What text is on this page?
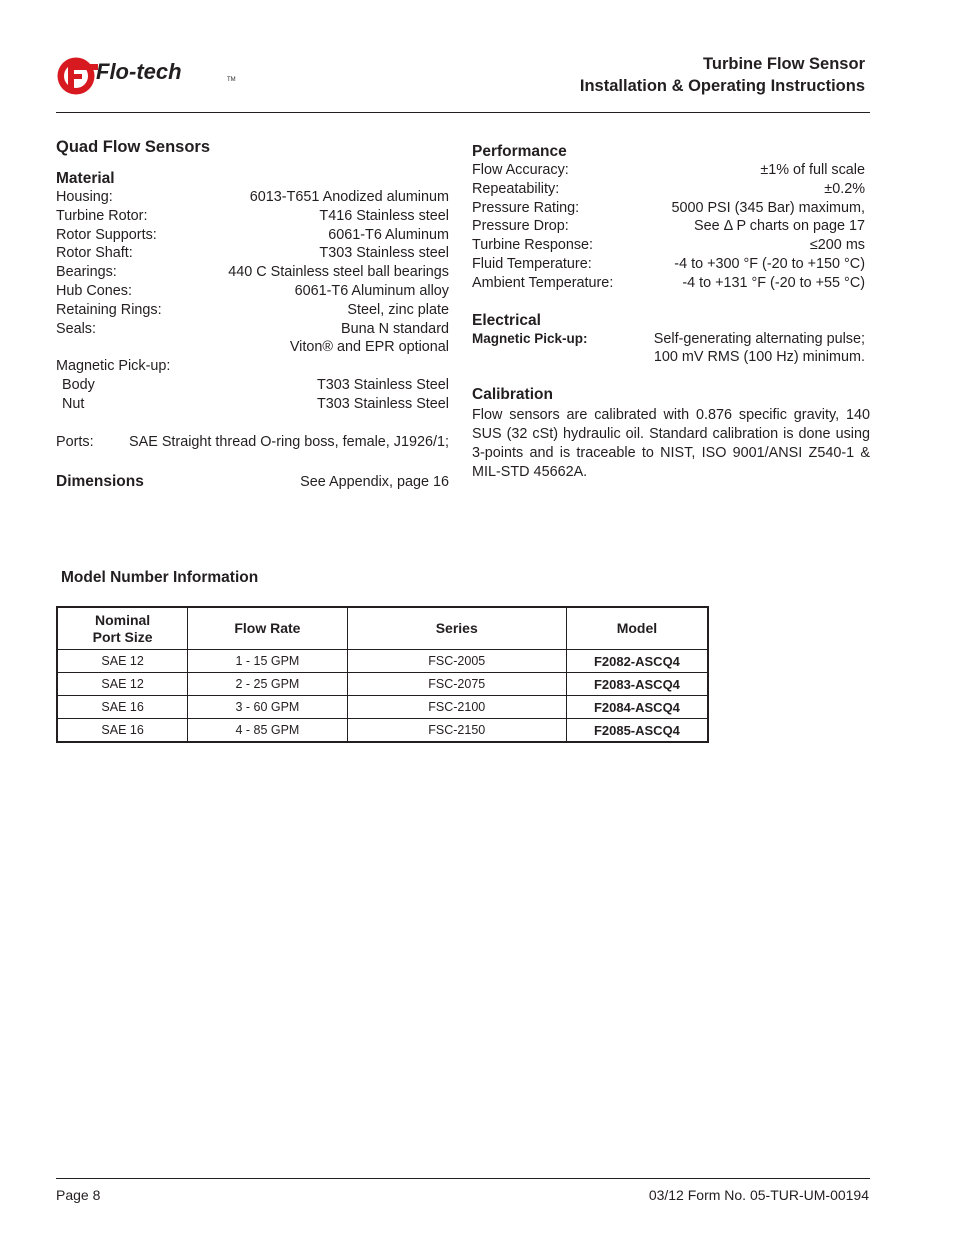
Flo-tech	TM
Turbine Flow Sensor
Installation & Operating Instructions
Quad Flow Sensors
Material
Housing:	6013-T651 Anodized aluminum
Turbine Rotor:	T416 Stainless steel
Rotor Supports:	6061-T6 Aluminum
Rotor Shaft:	T303 Stainless steel
Bearings:	440 C Stainless steel ball bearings
Hub Cones:	6061-T6 Aluminum alloy
Retaining Rings:	Steel, zinc plate
Seals:	Buna N standard
Viton® and EPR optional
Magnetic Pick-up:
Body	T303 Stainless Steel
Nut	T303 Stainless Steel
Ports: SAE Straight thread O-ring boss, female, J1926/1;
Dimensions	See Appendix, page 16
Performance
Flow Accuracy:	±1% of full scale
Repeatability:	±0.2%
Pressure Rating:	5000 PSI (345 Bar) maximum,
Pressure Drop:	See Δ P charts on page 17
Turbine Response:	≤200 ms
Fluid Temperature:	-4 to +300 °F (-20 to +150 °C)
Ambient Temperature:	-4 to +131 °F (-20 to +55 °C)
Electrical
Magnetic Pick-up:	Self-generating alternating pulse;
100 mV RMS (100 Hz) minimum.
Calibration
Flow sensors are calibrated with 0.876 specific gravity, 140 SUS (32 cSt) hydraulic oil. Standard calibration is done using 3-points and is traceable to NIST, ISO 9001/ANSI Z540-1 & MIL-STD 45662A.
Model Number Information
Nominal
Port Size	Flow Rate	Series	Model
SAE 12	1 - 15 GPM	FSC-2005	F2082-ASCQ4
SAE 12	2 - 25 GPM	FSC-2075	F2083-ASCQ4
SAE 16	3 - 60 GPM	FSC-2100	F2084-ASCQ4
SAE 16	4 - 85 GPM	FSC-2150	F2085-ASCQ4
Page 8	03/12 Form No. 05-TUR-UM-00194
